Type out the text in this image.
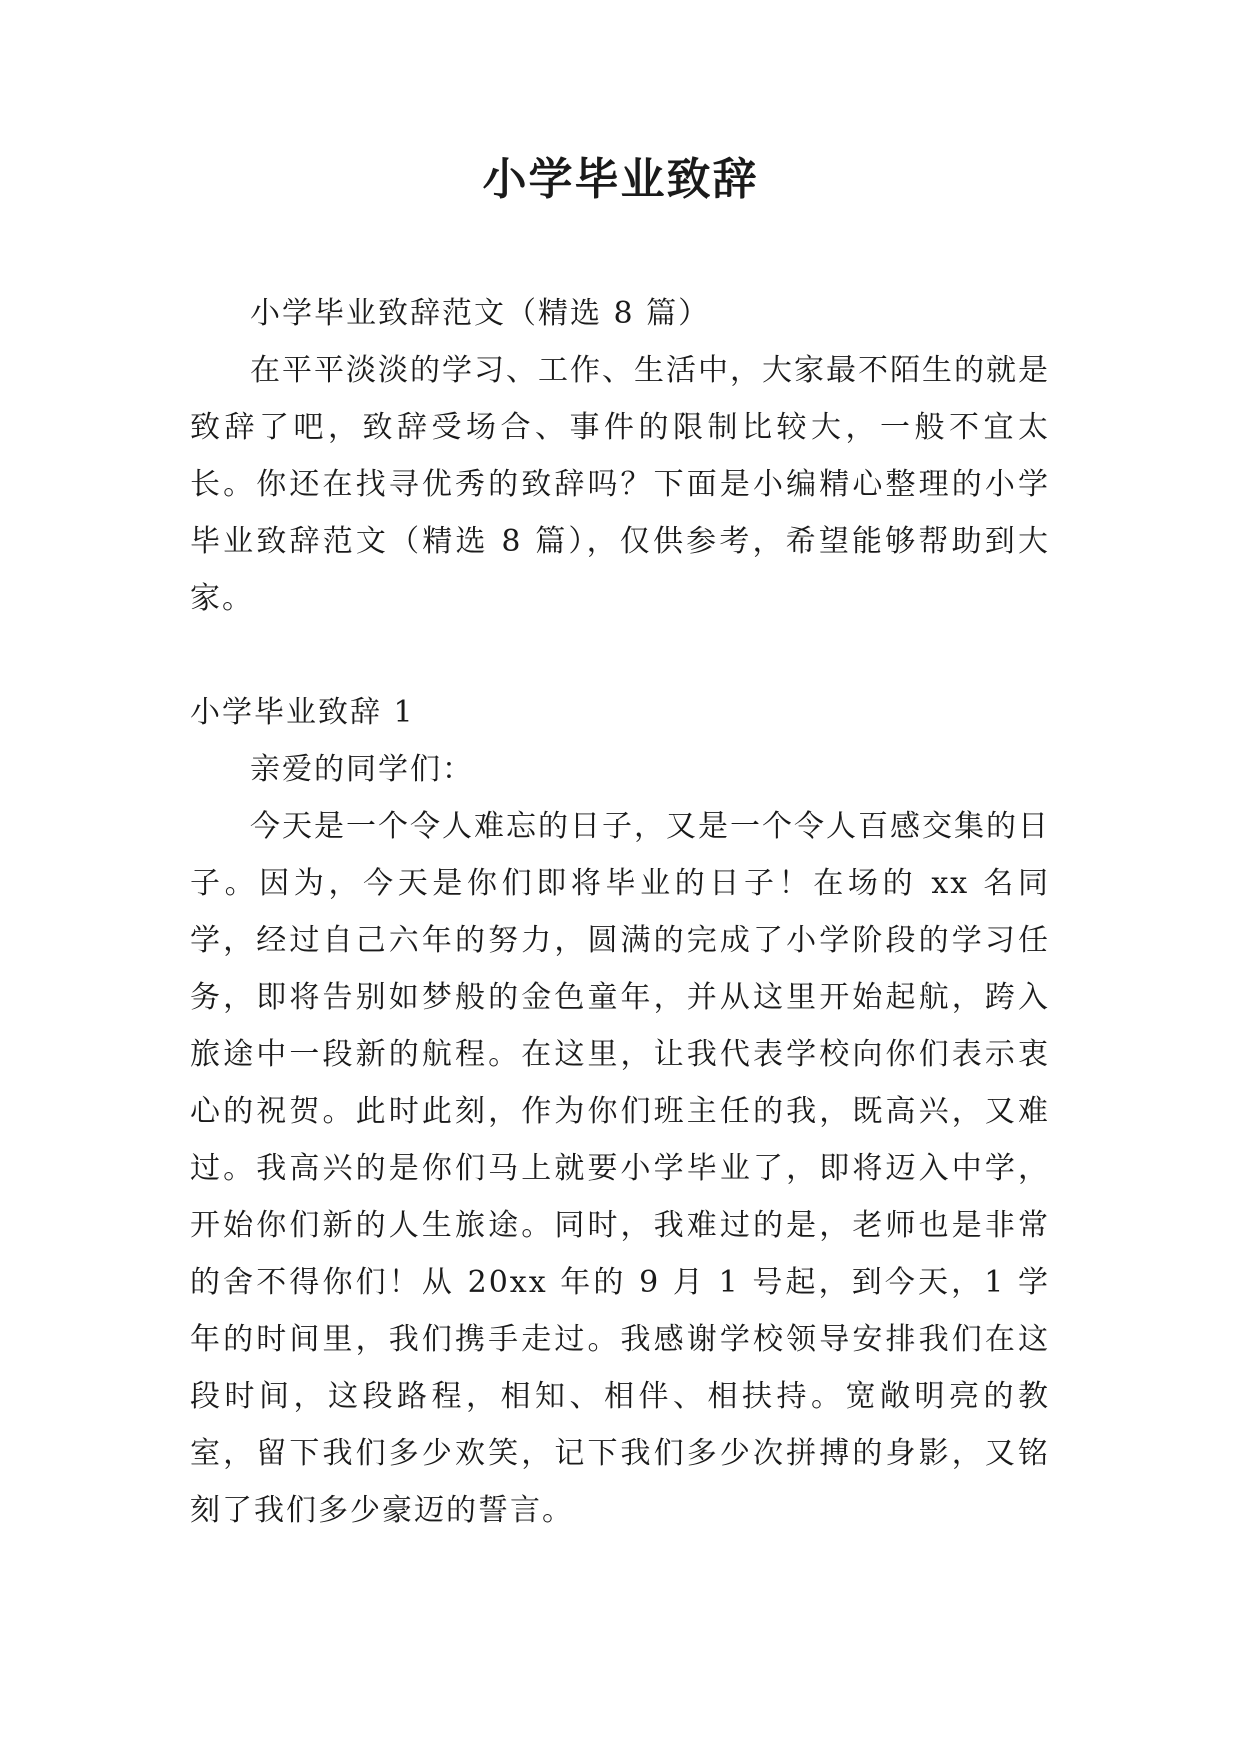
小学毕业致辞

小学毕业致辞范文（精选 8 篇）

在平平淡淡的学习、工作、生活中，大家最不陌生的就是致辞了吧，致辞受场合、事件的限制比较大，一般不宜太长。你还在找寻优秀的致辞吗？下面是小编精心整理的小学毕业致辞范文（精选 8 篇），仅供参考，希望能够帮助到大家。

小学毕业致辞 1

亲爱的同学们：

今天是一个令人难忘的日子，又是一个令人百感交集的日子。因为，今天是你们即将毕业的日子！在场的 xx 名同学，经过自己六年的努力，圆满的完成了小学阶段的学习任务，即将告别如梦般的金色童年，并从这里开始起航，跨入旅途中一段新的航程。在这里，让我代表学校向你们表示衷心的祝贺。此时此刻，作为你们班主任的我，既高兴，又难过。我高兴的是你们马上就要小学毕业了，即将迈入中学，开始你们新的人生旅途。同时，我难过的是，老师也是非常的舍不得你们！从 20xx 年的 9 月 1 号起，到今天，1 学年的时间里，我们携手走过。我感谢学校领导安排我们在这段时间，这段路程，相知、相伴、相扶持。宽敞明亮的教室，留下我们多少欢笑，记下我们多少次拼搏的身影，又铭刻了我们多少豪迈的誓言。
